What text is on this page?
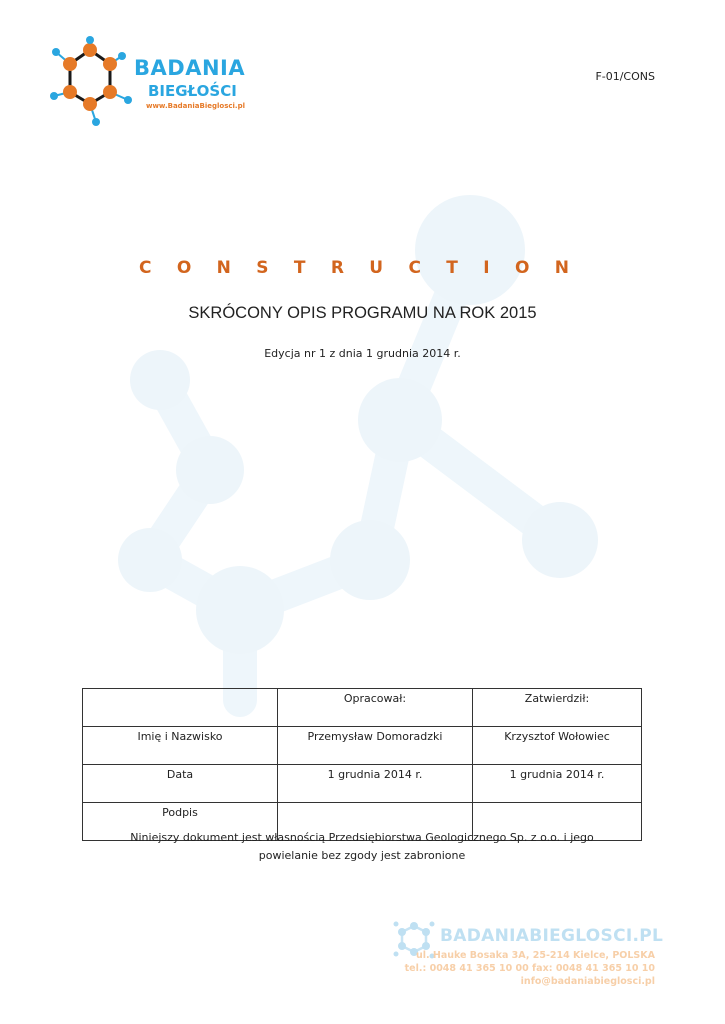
BADANIA
BIEGŁOŚCI
www.BadaniaBieglosci.pl
F-01/CONS
C O N S T R U C T I O N
SKRÓCONY OPIS PROGRAMU NA ROK 2015
Edycja nr 1 z dnia 1 grudnia 2014 r.
	Opracował:	Zatwierdził:
Imię i Nazwisko	Przemysław Domoradzki	Krzysztof Wołowiec
Data	1 grudnia 2014 r.	1 grudnia 2014 r.
Podpis		
Niniejszy dokument jest własnością Przedsiębiorstwa Geologicznego Sp. z o.o. i jego
powielanie bez zgody jest zabronione
BADANIABIEGLOSCI.PL
ul. Hauke Bosaka 3A, 25-214 Kielce, POLSKA
tel.: 0048 41 365 10 00 fax: 0048 41 365 10 10
info@badaniabieglosci.pl
